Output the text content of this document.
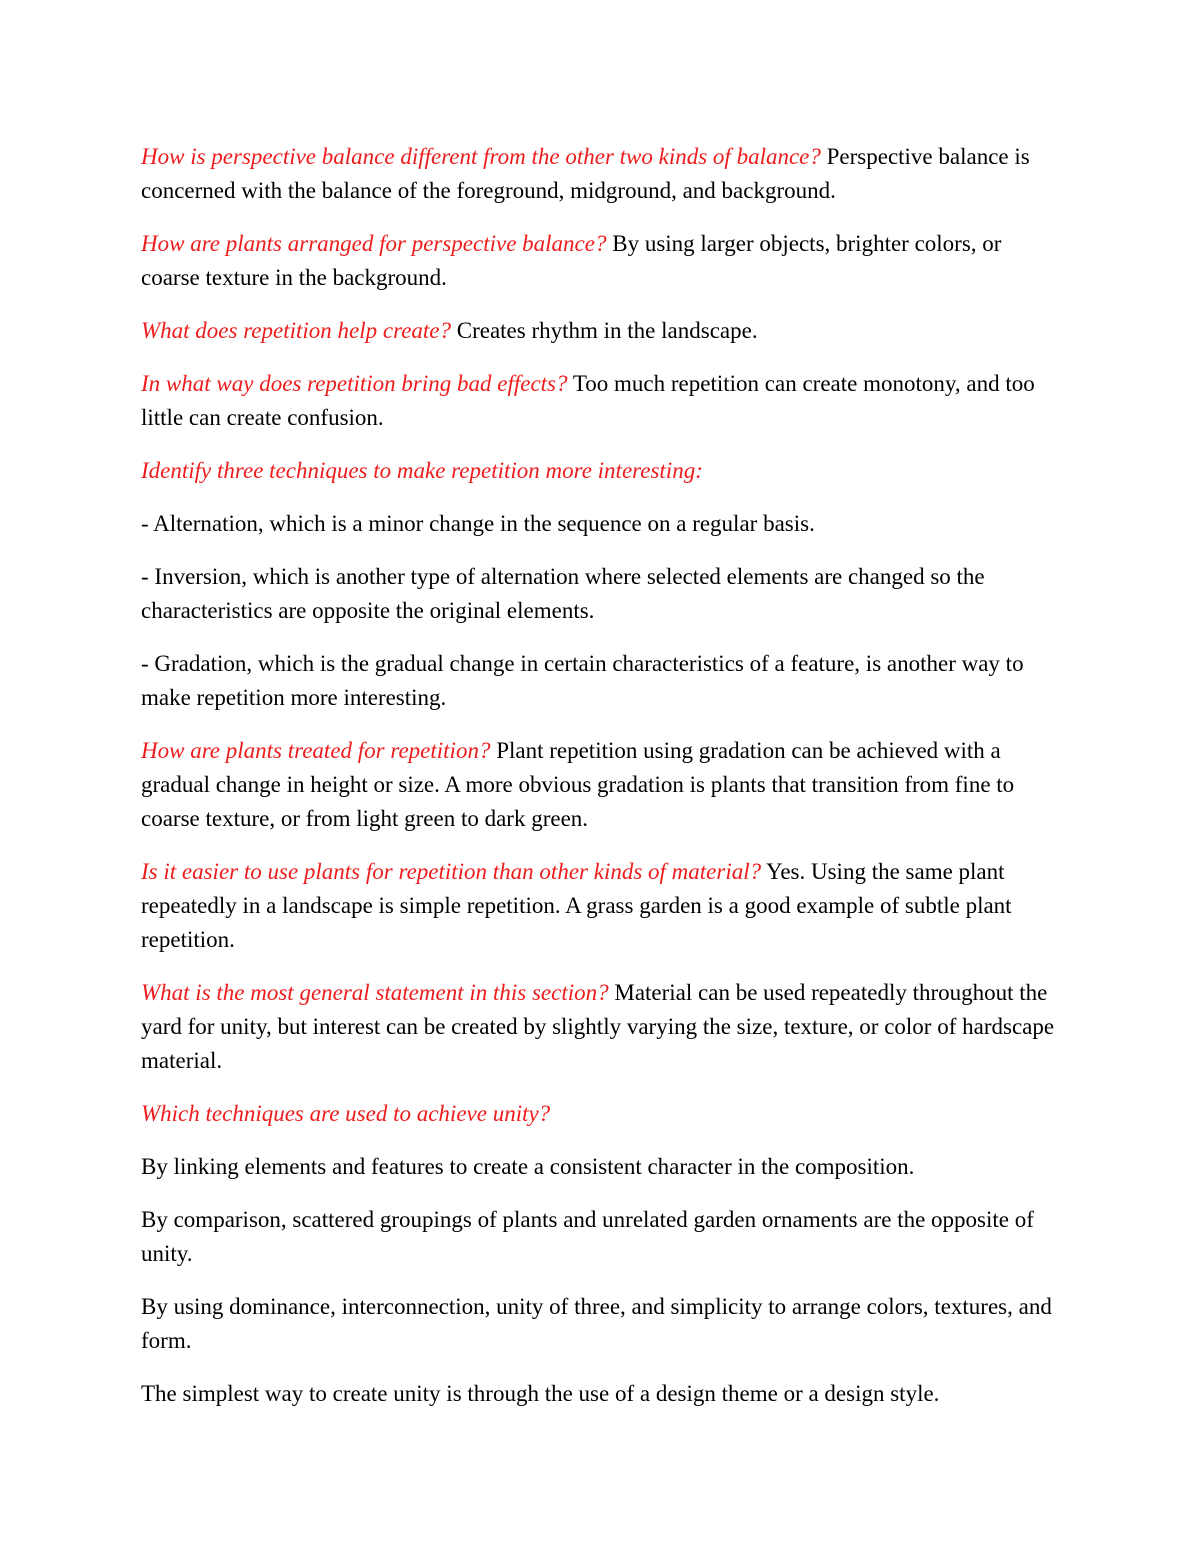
How is perspective balance different from the other two kinds of balance? Perspective balance is concerned with the balance of the foreground, midground, and background.

How are plants arranged for perspective balance? By using larger objects, brighter colors, or coarse texture in the background.

What does repetition help create? Creates rhythm in the landscape.

In what way does repetition bring bad effects? Too much repetition can create monotony, and too little can create confusion.

Identify three techniques to make repetition more interesting:

- Alternation, which is a minor change in the sequence on a regular basis.

- Inversion, which is another type of alternation where selected elements are changed so the characteristics are opposite the original elements.

- Gradation, which is the gradual change in certain characteristics of a feature, is another way to make repetition more interesting.

How are plants treated for repetition? Plant repetition using gradation can be achieved with a gradual change in height or size. A more obvious gradation is plants that transition from fine to coarse texture, or from light green to dark green.

Is it easier to use plants for repetition than other kinds of material? Yes. Using the same plant repeatedly in a landscape is simple repetition. A grass garden is a good example of subtle plant repetition.

What is the most general statement in this section? Material can be used repeatedly throughout the yard for unity, but interest can be created by slightly varying the size, texture, or color of hardscape material.

Which techniques are used to achieve unity?

By linking elements and features to create a consistent character in the composition.

By comparison, scattered groupings of plants and unrelated garden ornaments are the opposite of unity.

By using dominance, interconnection, unity of three, and simplicity to arrange colors, textures, and form.

The simplest way to create unity is through the use of a design theme or a design style.
